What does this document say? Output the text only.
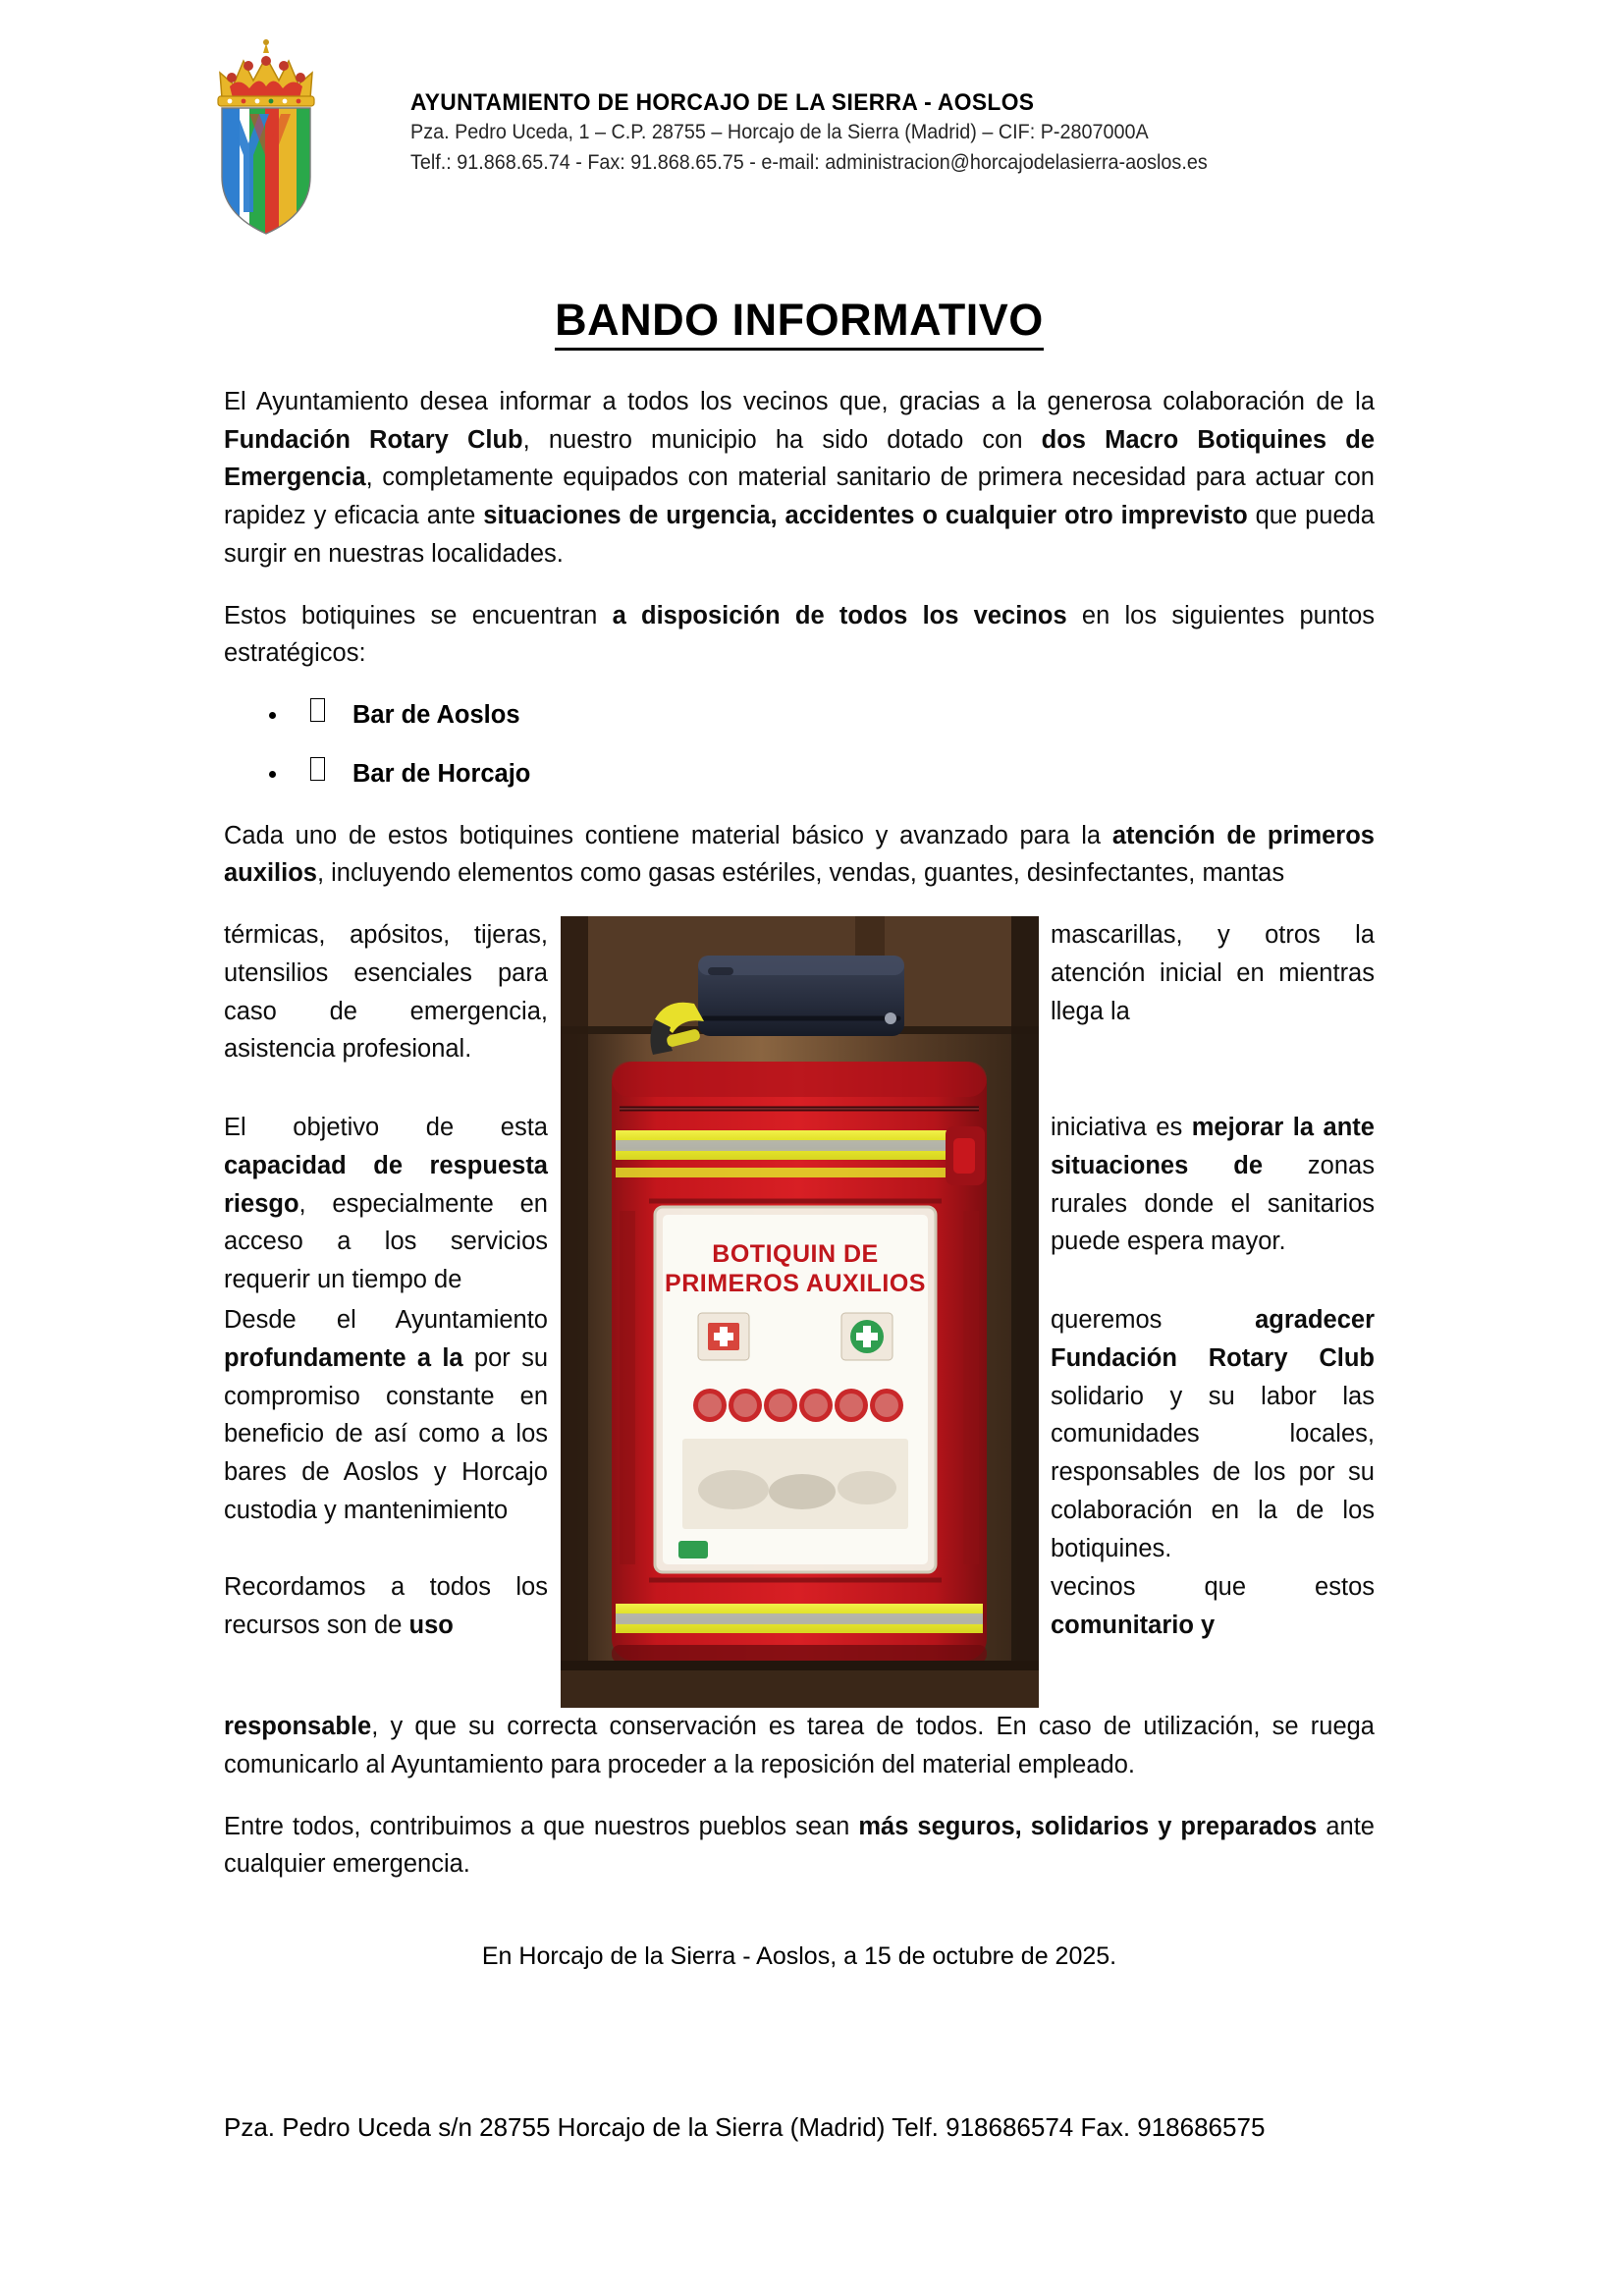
AYUNTAMIENTO DE HORCAJO DE LA SIERRA - AOSLOS
Pza. Pedro Uceda, 1 – C.P. 28755 – Horcajo de la Sierra (Madrid) – CIF: P-2807000A
Telf.: 91.868.65.74 - Fax: 91.868.65.75 - e-mail: administracion@horcajodelasierra-aoslos.es
BANDO INFORMATIVO

El Ayuntamiento desea informar a todos los vecinos que, gracias a la generosa colaboración de la Fundación Rotary Club, nuestro municipio ha sido dotado con dos Macro Botiquines de Emergencia, completamente equipados con material sanitario de primera necesidad para actuar con rapidez y eficacia ante situaciones de urgencia, accidentes o cualquier otro imprevisto que pueda surgir en nuestras localidades.

Estos botiquines se encuentran a disposición de todos los vecinos en los siguientes puntos estratégicos:

Bar de Aoslos
Bar de Horcajo

Cada uno de estos botiquines contiene material básico y avanzado para la atención de primeros auxilios, incluyendo elementos como gasas estériles, vendas, guantes, desinfectantes, mantas

BOTIQUIN DE
PRIMEROS AUXILIOS

térmicas, apósitos, tijeras, utensilios esenciales para caso de emergencia, asistencia profesional.

mascarillas, y otros la atención inicial en mientras llega la

El objetivo de esta capacidad de respuesta riesgo, especialmente en acceso a los servicios requerir un tiempo de

iniciativa es mejorar la ante situaciones de zonas rurales donde el sanitarios puede espera mayor.

Desde el Ayuntamiento profundamente a la por su compromiso constante en beneficio de así como a los bares de Aoslos y Horcajo custodia y mantenimiento

queremos agradecer Fundación Rotary Club solidario y su labor las comunidades locales, responsables de los por su colaboración en la de los botiquines.

Recordamos a todos los recursos son de uso

vecinos que estos comunitario y

responsable, y que su correcta conservación es tarea de todos. En caso de utilización, se ruega comunicarlo al Ayuntamiento para proceder a la reposición del material empleado.

Entre todos, contribuimos a que nuestros pueblos sean más seguros, solidarios y preparados ante cualquier emergencia.

En Horcajo de la Sierra - Aoslos, a 15 de octubre de 2025.

Pza. Pedro Uceda s/n 28755 Horcajo de la Sierra (Madrid) Telf. 918686574 Fax. 918686575
